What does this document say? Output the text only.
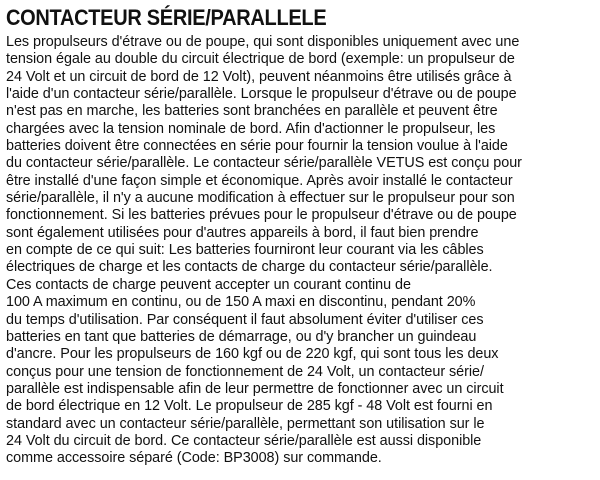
CONTACTEUR SÉRIE/PARALLELE

Les propulseurs d'étrave ou de poupe, qui sont disponibles uniquement avec une
tension égale au double du circuit électrique de bord (exemple: un propulseur de
24 Volt et un circuit de bord de 12 Volt), peuvent néanmoins être utilisés grâce à
l'aide d'un contacteur série/parallèle. Lorsque le propulseur d'étrave ou de poupe
n'est pas en marche, les batteries sont branchées en parallèle et peuvent être
chargées avec la tension nominale de bord. Afin d'actionner le propulseur, les
batteries doivent être connectées en série pour fournir la tension voulue à l'aide
du contacteur série/parallèle. Le contacteur série/parallèle VETUS est conçu pour
être installé d'une façon simple et économique. Après avoir installé le contacteur
série/parallèle, il n'y a aucune modification à effectuer sur le propulseur pour son
fonctionnement. Si les batteries prévues pour le propulseur d'étrave ou de poupe
sont également utilisées pour d'autres appareils à bord, il faut bien prendre
en compte de ce qui suit: Les batteries fourniront leur courant via les câbles
électriques de charge et les contacts de charge du contacteur série/parallèle.
Ces contacts de charge peuvent accepter un courant continu de
100 A maximum en continu, ou de 150 A maxi en discontinu, pendant 20%
du temps d'utilisation. Par conséquent il faut absolument éviter d'utiliser ces
batteries en tant que batteries de démarrage, ou d'y brancher un guindeau
d'ancre. Pour les propulseurs de 160 kgf ou de 220 kgf, qui sont tous les deux
conçus pour une tension de fonctionnement de 24 Volt, un contacteur série/
parallèle est indispensable afin de leur permettre de fonctionner avec un circuit
de bord électrique en 12 Volt. Le propulseur de 285 kgf - 48 Volt est fourni en
standard avec un contacteur série/parallèle, permettant son utilisation sur le
24 Volt du circuit de bord. Ce contacteur série/parallèle est aussi disponible
comme accessoire séparé (Code: BP3008) sur commande.
